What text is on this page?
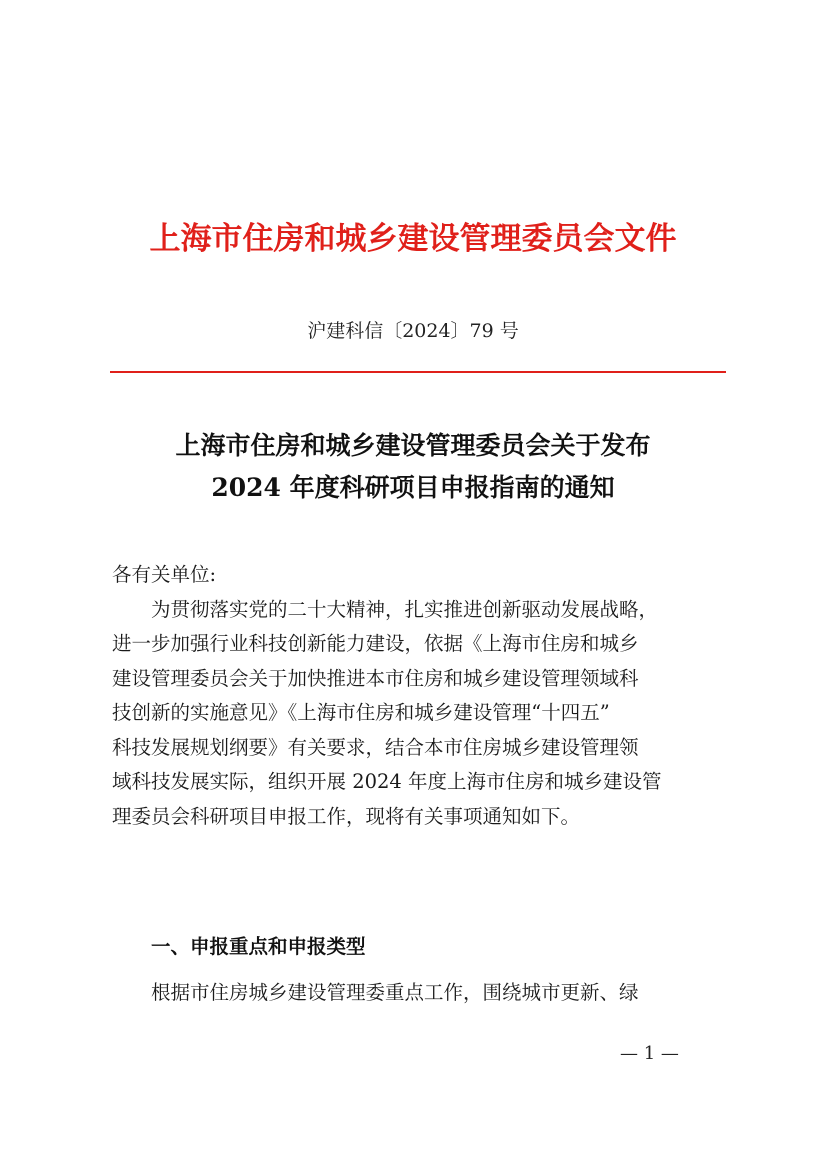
上海市住房和城乡建设管理委员会文件
沪建科信〔2024〕79 号
上海市住房和城乡建设管理委员会关于发布
2024 年度科研项目申报指南的通知
各有关单位:
为贯彻落实党的二十大精神，扎实推进创新驱动发展战略，
进一步加强行业科技创新能力建设，依据《上海市住房和城乡
建设管理委员会关于加快推进本市住房和城乡建设管理领域科
技创新的实施意见》《上海市住房和城乡建设管理“十四五”
科技发展规划纲要》有关要求，结合本市住房城乡建设管理领
域科技发展实际，组织开展 2024 年度上海市住房和城乡建设管
理委员会科研项目申报工作，现将有关事项通知如下。
一、申报重点和申报类型
根据市住房城乡建设管理委重点工作，围绕城市更新、绿
— 1 —
